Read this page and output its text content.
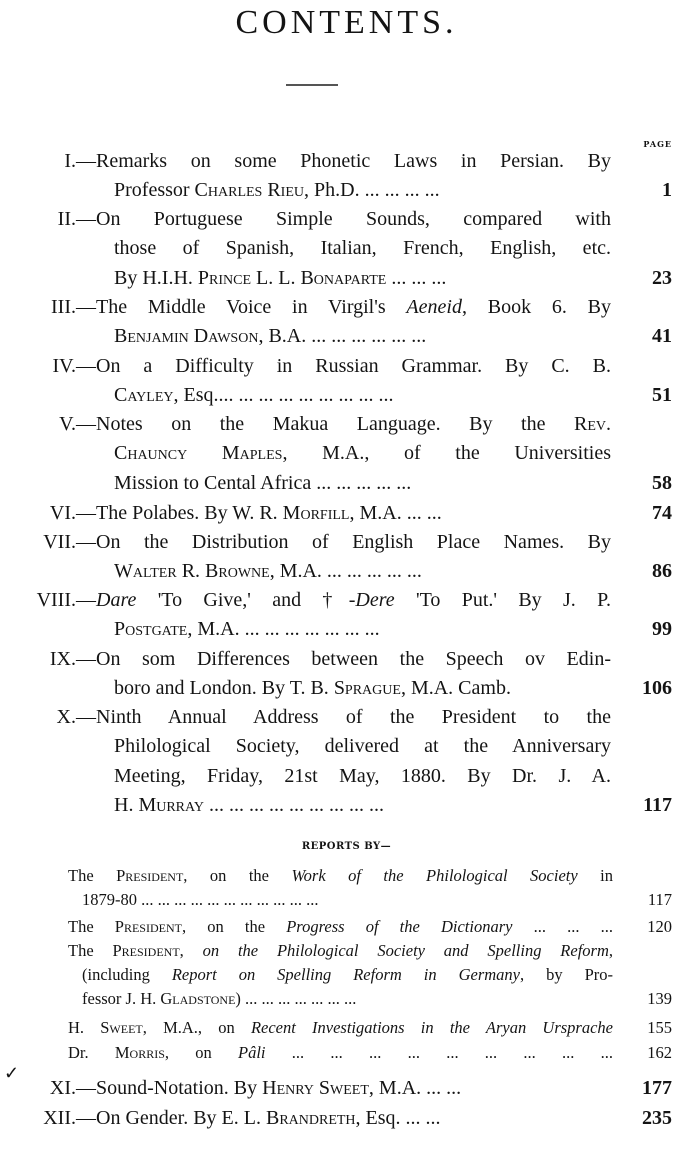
CONTENTS.
PAGE
I.— Remarks on some Phonetic Laws in Persian. By
Professor Charles Rieu, Ph.D. ... ... ... ...	1
II.— On Portuguese Simple Sounds, compared with
those of Spanish, Italian, French, English, etc.
By H.I.H. Prince L. L. Bonaparte ... ... ...	23
III.— The Middle Voice in Virgil's Aeneid, Book 6. By
Benjamin Dawson, B.A. ... ... ... ... ... ...	41
IV.— On a Difficulty in Russian Grammar. By C. B.
Cayley, Esq.... ... ... ... ... ... ... ... ...	51
V.— Notes on the Makua Language. By the Rev.
Chauncy Maples, M.A., of the Universities
Mission to Cental Africa ... ... ... ... ...	58
VI.— The Polabes. By W. R. Morfill, M.A. ... ...	74
VII.— On the Distribution of English Place Names. By
Walter R. Browne, M.A. ... ... ... ... ...	86
VIII.— Dare 'To Give,' and †-Dere 'To Put.' By J. P.
Postgate, M.A. ... ... ... ... ... ... ...	99
IX.— On som Differences between the Speech ov Edin-
boro and London. By T. B. Sprague, M.A. Camb.	106
X.— Ninth Annual Address of the President to the
Philological Society, delivered at the Anniversary
Meeting, Friday, 21st May, 1880. By Dr. J. A.
H. Murray ... ... ... ... ... ... ... ... ...	117
REPORTS BY—
The President, on the Work of the Philological Society in
1879-80 ... ... ... ... ... ... ... ... ... ... ...	117
The President, on the Progress of the Dictionary ... ... ...	120
The President, on the Philological Society and Spelling Reform,
(including Report on Spelling Reform in Germany, by Pro-
fessor J. H. Gladstone) ... ... ... ... ... ... ...	139
H. Sweet, M.A., on Recent Investigations in the Aryan Ursprache	155
Dr. Morris, on Pâli ... ... ... ... ... ... ... ... ...	162
XI.— Sound-Notation. By Henry Sweet, M.A. ... ...	177
XII.— On Gender. By E. L. Brandreth, Esq. ... ...	235
✓
